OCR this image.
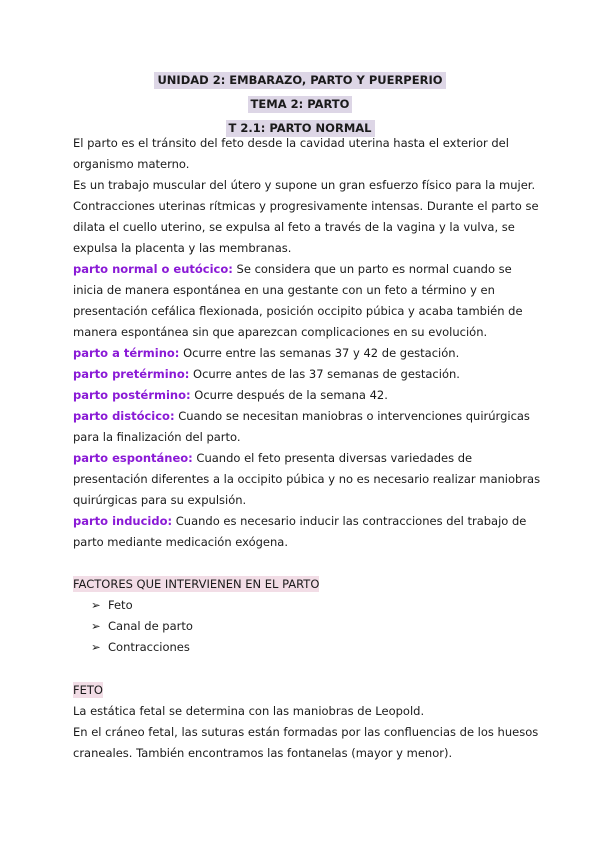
UNIDAD 2: EMBARAZO, PARTO Y PUERPERIO
TEMA 2: PARTO
T 2.1: PARTO NORMAL

El parto es el tránsito del feto desde la cavidad uterina hasta el exterior del organismo materno.

Es un trabajo muscular del útero y supone un gran esfuerzo físico para la mujer. Contracciones uterinas rítmicas y progresivamente intensas. Durante el parto se dilata el cuello uterino, se expulsa al feto a través de la vagina y la vulva, se expulsa la placenta y las membranas.

parto normal o eutócico: Se considera que un parto es normal cuando se inicia de manera espontánea en una gestante con un feto a término y en presentación cefálica flexionada, posición occipito púbica y acaba también de manera espontánea sin que aparezcan complicaciones en su evolución.

parto a término: Ocurre entre las semanas 37 y 42 de gestación.

parto pretérmino: Ocurre antes de las 37 semanas de gestación.

parto postérmino: Ocurre después de la semana 42.

parto distócico: Cuando se necesitan maniobras o intervenciones quirúrgicas para la finalización del parto.

parto espontáneo: Cuando el feto presenta diversas variedades de presentación diferentes a la occipito púbica y no es necesario realizar maniobras quirúrgicas para su expulsión.

parto inducido: Cuando es necesario inducir las contracciones del trabajo de parto mediante medicación exógena.

FACTORES QUE INTERVIENEN EN EL PARTO

➢ Feto
➢ Canal de parto
➢ Contracciones

FETO

La estática fetal se determina con las maniobras de Leopold.

En el cráneo fetal, las suturas están formadas por las confluencias de los huesos craneales. También encontramos las fontanelas (mayor y menor).
